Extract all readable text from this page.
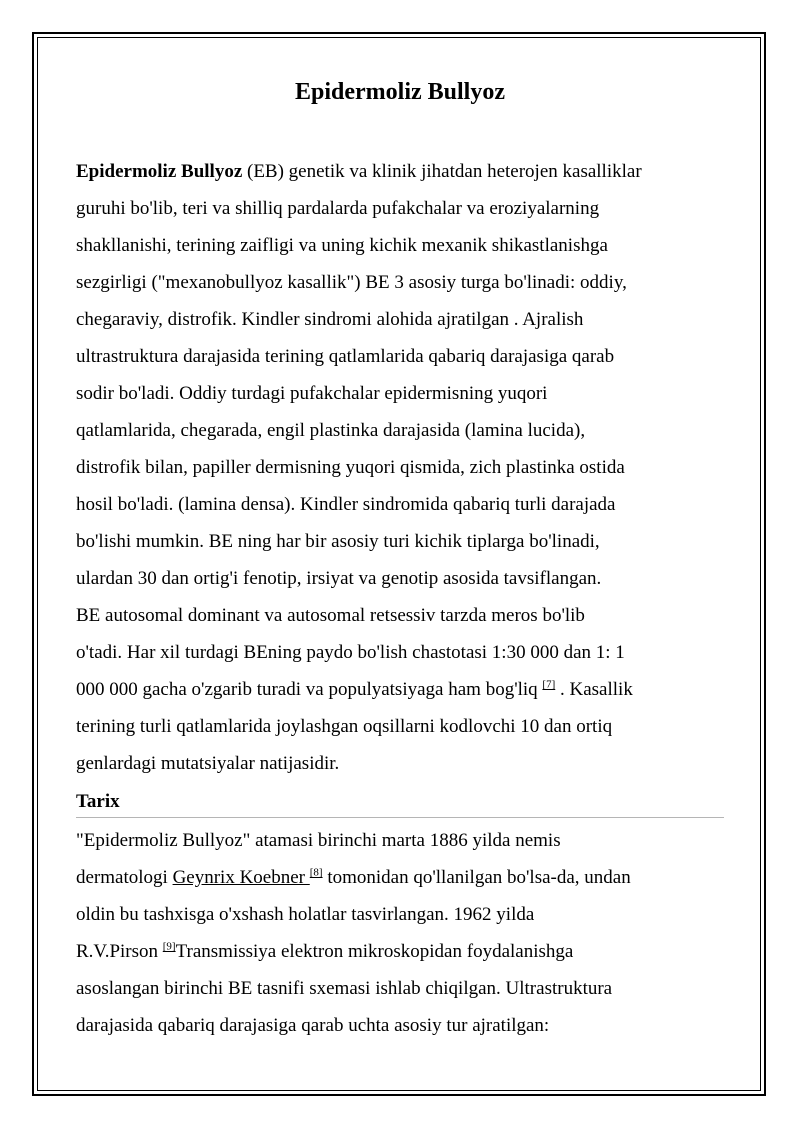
Epidermoliz Bullyoz

Epidermoliz Bullyoz (EB) genetik va klinik jihatdan heterojen kasalliklar
guruhi bo'lib, teri va shilliq pardalarda pufakchalar va eroziyalarning
shakllanishi, terining zaifligi va uning kichik mexanik shikastlanishga
sezgirligi ("mexanobullyoz kasallik") BE 3 asosiy turga bo'linadi: oddiy,
chegaraviy, distrofik. Kindler sindromi alohida ajratilgan . Ajralish
ultrastruktura darajasida terining qatlamlarida qabariq darajasiga qarab
sodir bo'ladi. Oddiy turdagi pufakchalar epidermisning yuqori
qatlamlarida, chegarada, engil plastinka darajasida (lamina lucida),
distrofik bilan, papiller dermisning yuqori qismida, zich plastinka ostida
hosil bo'ladi. (lamina densa). Kindler sindromida qabariq turli darajada
bo'lishi mumkin. BE ning har bir asosiy turi kichik tiplarga bo'linadi,
ulardan 30 dan ortig'i fenotip, irsiyat va genotip asosida tavsiflangan.
BE autosomal dominant va autosomal retsessiv tarzda meros bo'lib
o'tadi. Har xil turdagi BEning paydo bo'lish chastotasi 1:30 000 dan 1: 1
000 000 gacha o'zgarib turadi va populyatsiyaga ham bog'liq [7] . Kasallik
terining turli qatlamlarida joylashgan oqsillarni kodlovchi 10 dan ortiq
genlardagi mutatsiyalar natijasidir.

Tarix

"Epidermoliz Bullyoz" atamasi birinchi marta 1886 yilda nemis
dermatologi Geynrix Koebner [8] tomonidan qo'llanilgan bo'lsa-da, undan
oldin bu tashxisga o'xshash holatlar tasvirlangan. 1962 yilda
R.V.Pirson [9]Transmissiya elektron mikroskopidan foydalanishga
asoslangan birinchi BE tasnifi sxemasi ishlab chiqilgan. Ultrastruktura
darajasida qabariq darajasiga qarab uchta asosiy tur ajratilgan:
